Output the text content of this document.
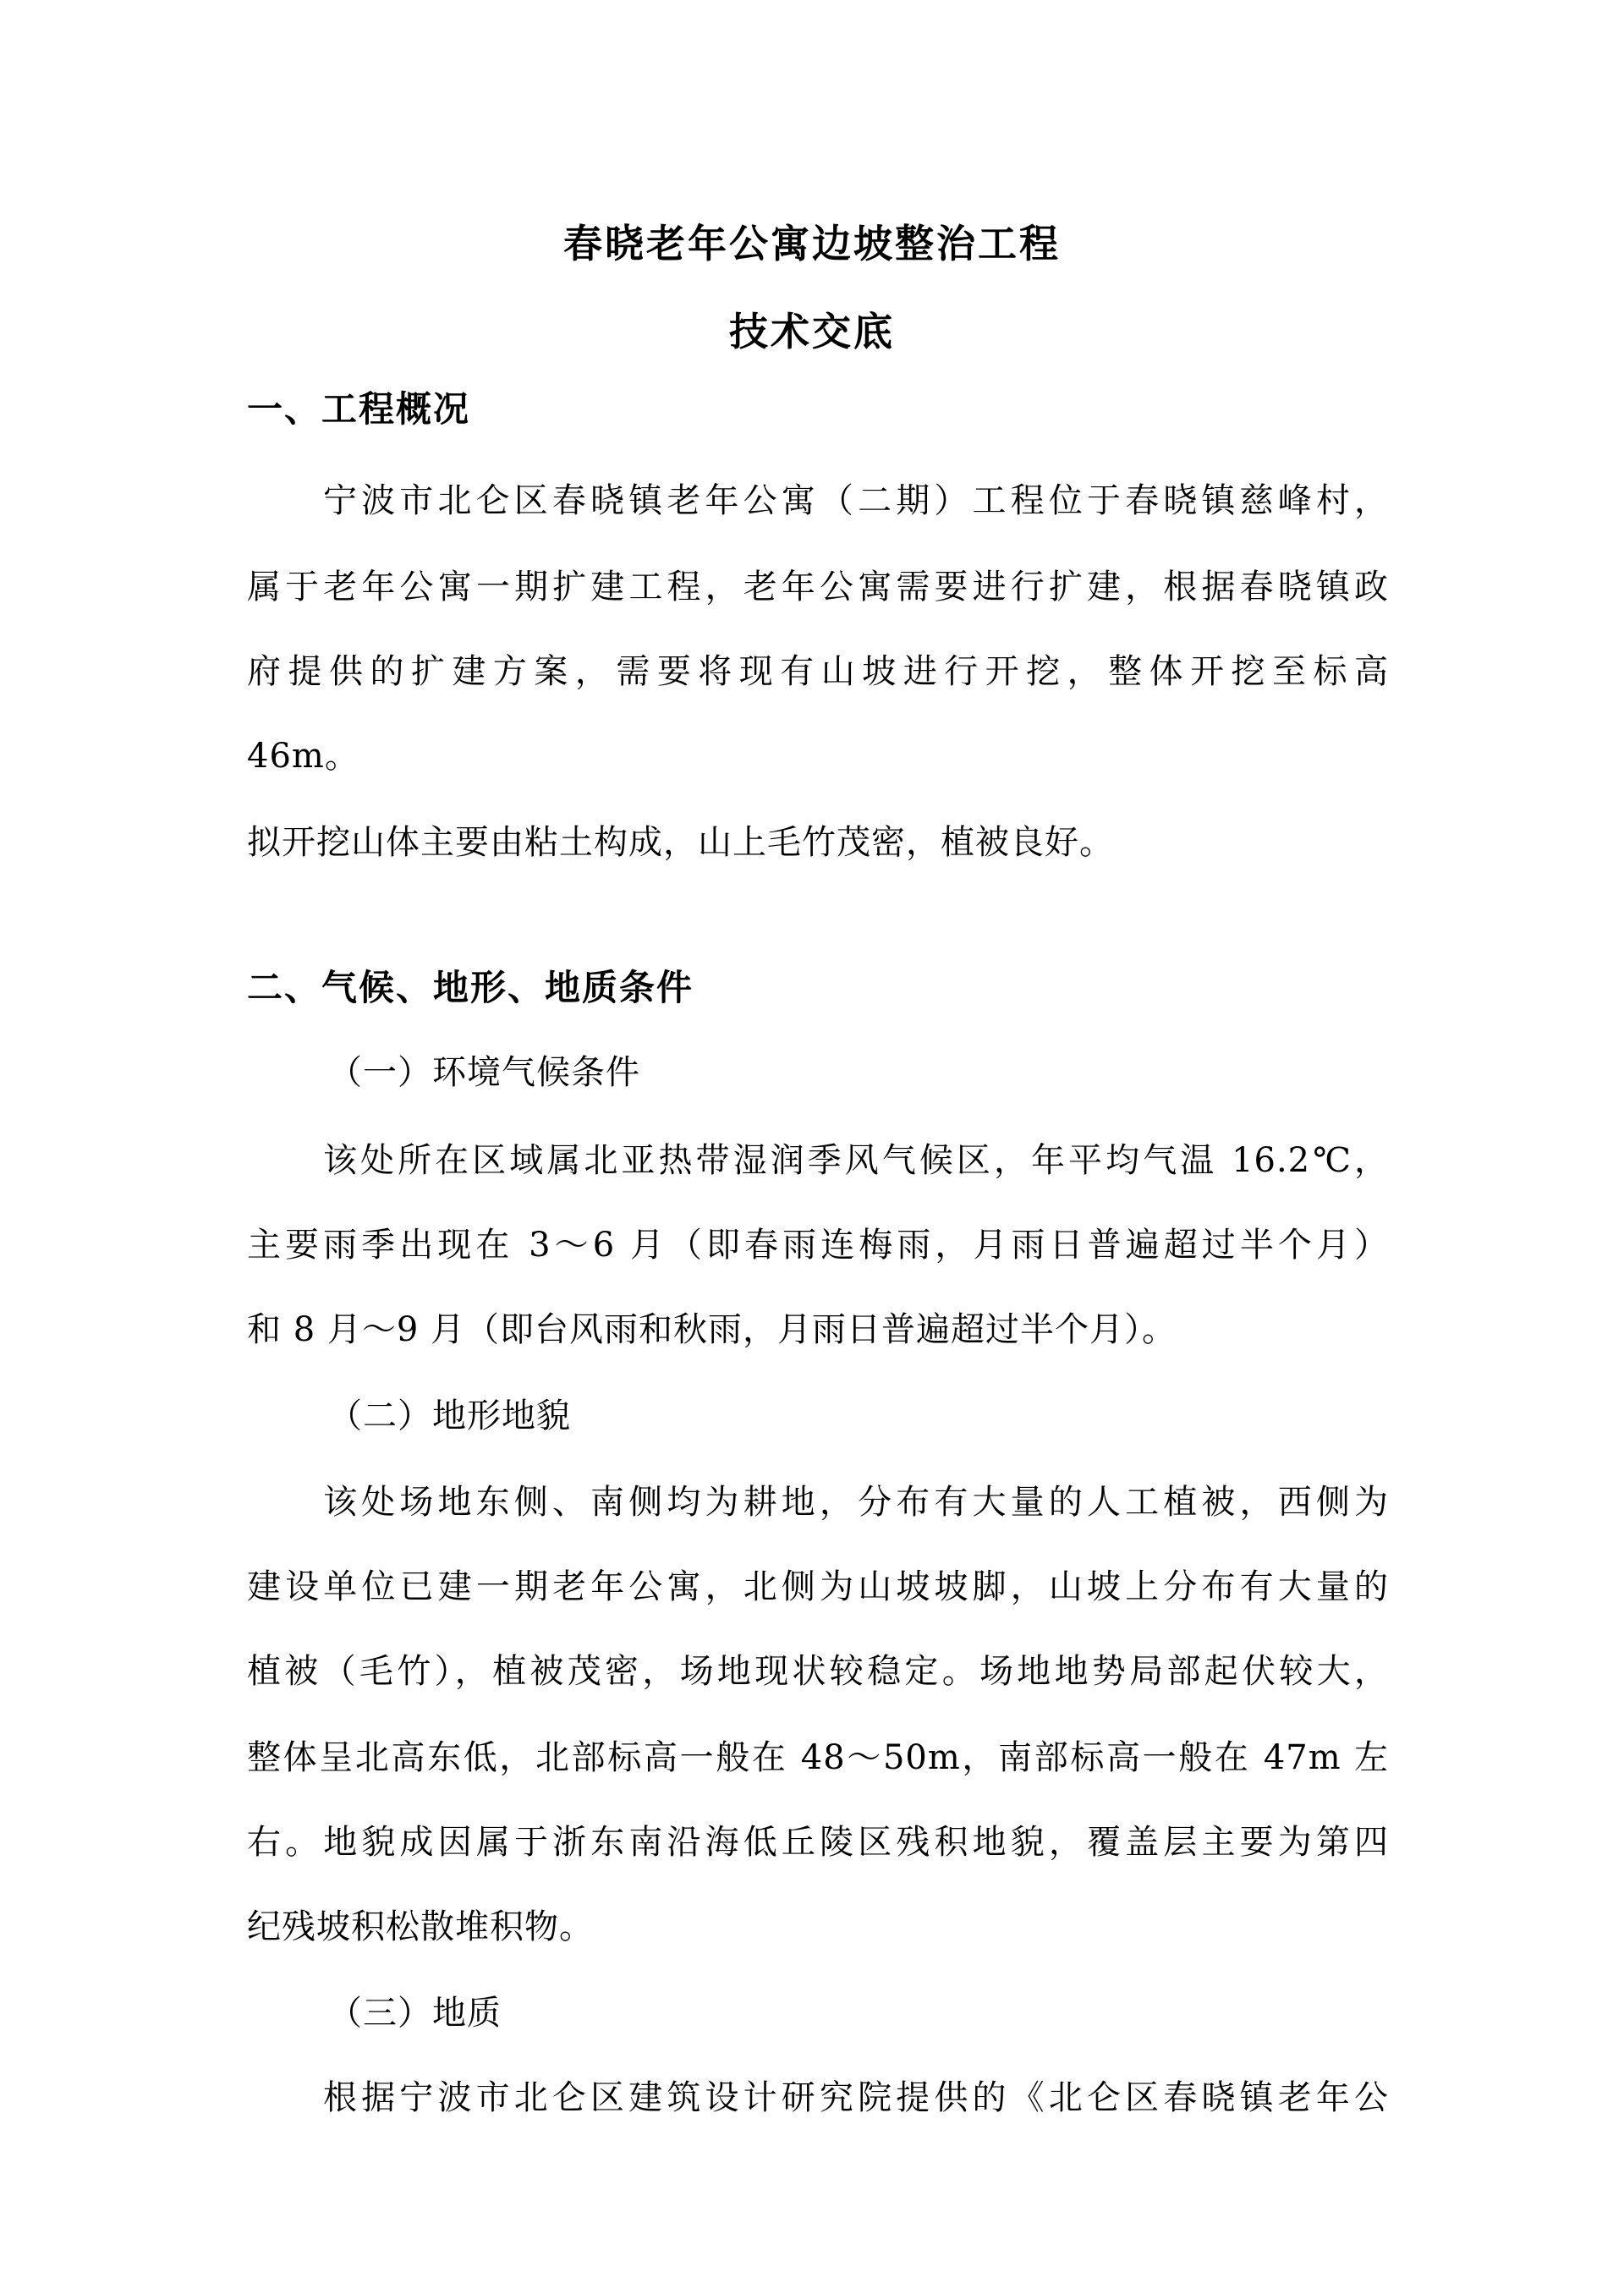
春晓老年公寓边坡整治工程
技术交底
一、工程概况
宁波市北仑区春晓镇老年公寓（二期）工程位于春晓镇慈峰村，
属于老年公寓一期扩建工程，老年公寓需要进行扩建，根据春晓镇政
府提供的扩建方案，需要将现有山坡进行开挖，整体开挖至标高
46m。
拟开挖山体主要由粘土构成，山上毛竹茂密，植被良好。
二、气候、地形、地质条件
（一）环境气候条件
该处所在区域属北亚热带湿润季风气候区，年平均气温 16.2℃，
主要雨季出现在 3～6 月（即春雨连梅雨，月雨日普遍超过半个月）
和 8 月～9 月（即台风雨和秋雨，月雨日普遍超过半个月）。
（二）地形地貌
该处场地东侧、南侧均为耕地，分布有大量的人工植被，西侧为
建设单位已建一期老年公寓，北侧为山坡坡脚，山坡上分布有大量的
植被（毛竹），植被茂密，场地现状较稳定。场地地势局部起伏较大，
整体呈北高东低，北部标高一般在 48～50m，南部标高一般在 47m 左
右。地貌成因属于浙东南沿海低丘陵区残积地貌，覆盖层主要为第四
纪残坡积松散堆积物。
（三）地质
根据宁波市北仑区建筑设计研究院提供的《北仑区春晓镇老年公
